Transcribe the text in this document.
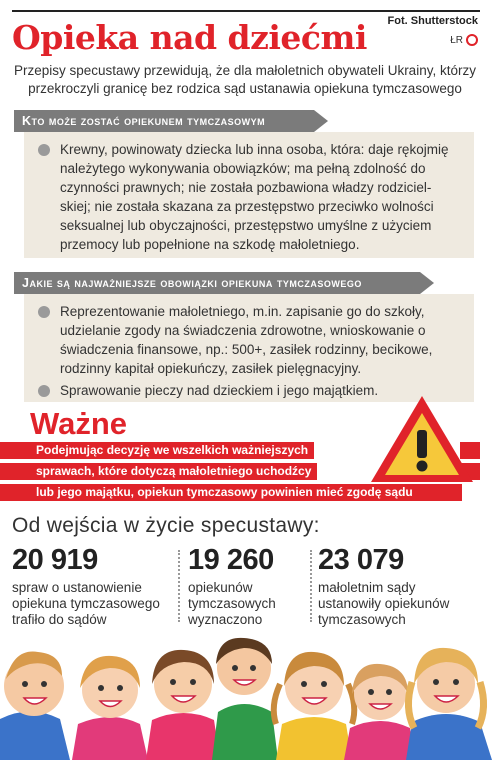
Fot. Shutterstock
Opieka nad dziećmi	ŁR

Przepisy specustawy przewidują, że dla małoletnich obywateli Ukrainy, którzy przekroczyli granicę bez rodzica sąd ustanawia opiekuna tymczasowego

Kto może zostać opiekunem tymczasowym
Krewny, powinowaty dziecka lub inna osoba, która: daje rękojmię należytego wykonywania obowiązków; ma pełną zdolność do czynności prawnych; nie została pozbawiona władzy rodziciel-skiej; nie została skazana za przestępstwo przeciwko wolności seksualnej lub obyczajności, przestępstwo umyślne z użyciem przemocy lub popełnione na szkodę małoletniego.
Jakie są najważniejsze obowiązki opiekuna tymczasowego
Reprezentowanie małoletniego, m.in. zapisanie go do szkoły, udzielanie zgody na świadczenia zdrowotne, wnioskowanie o świadczenia finansowe, np.: 500+, zasiłek rodzinny, becikowe, rodzinny kapitał opiekuńczy, zasiłek pielęgnacyjny.
Sprawowanie pieczy nad dzieckiem i jego majątkiem.
Ważne
Podejmując decyzję we wszelkich ważniejszych
sprawach, które dotyczą małoletniego uchodźcy
lub jego majątku, opiekun tymczasowy powinien mieć zgodę sądu
Od wejścia w życie specustawy:
20 919
spraw o ustanowienie opiekuna tymczasowego trafiło do sądów
19 260
opiekunów tymczasowych wyznaczono
23 079
małoletnim sądy ustanowiły opiekunów tymczasowych
